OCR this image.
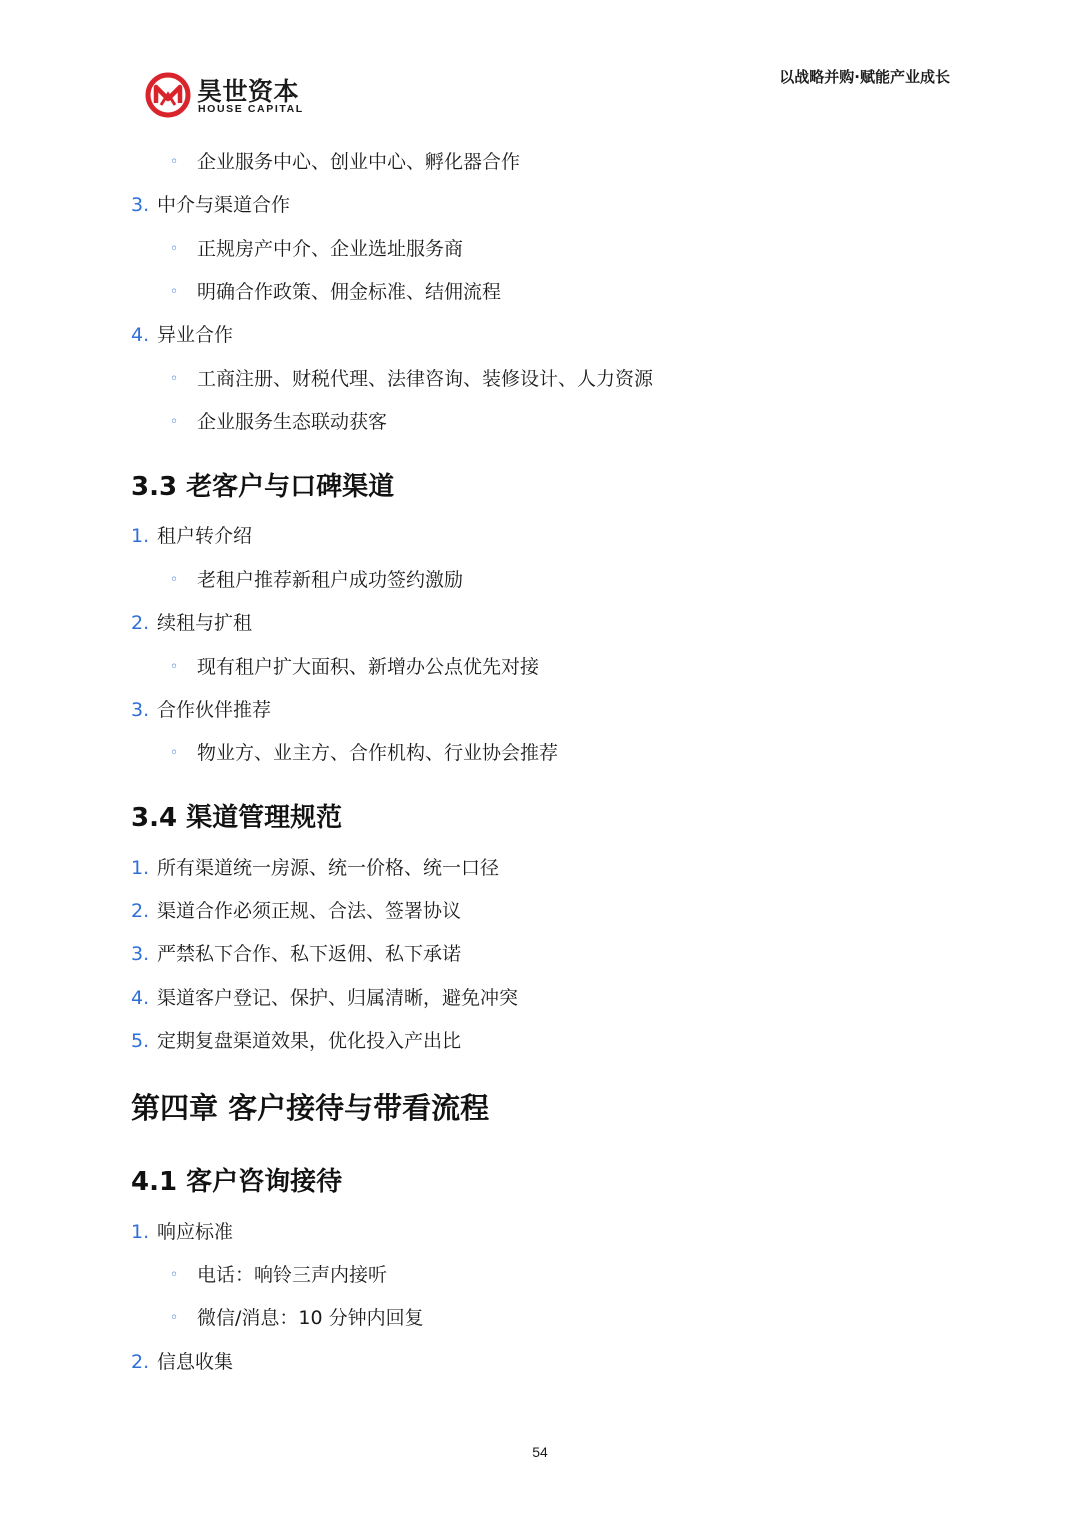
昊世资本
HOUSE CAPITAL
以战略并购·赋能产业成长
◦ 企业服务中心、创业中心、孵化器合作
3. 中介与渠道合作
◦ 正规房产中介、企业选址服务商
◦ 明确合作政策、佣金标准、结佣流程
4. 异业合作
◦ 工商注册、财税代理、法律咨询、装修设计、人力资源
◦ 企业服务生态联动获客
3.3 老客户与口碑渠道
1. 租户转介绍
◦ 老租户推荐新租户成功签约激励
2. 续租与扩租
◦ 现有租户扩大面积、新增办公点优先对接
3. 合作伙伴推荐
◦ 物业方、业主方、合作机构、行业协会推荐
3.4 渠道管理规范
1. 所有渠道统一房源、统一价格、统一口径
2. 渠道合作必须正规、合法、签署协议
3. 严禁私下合作、私下返佣、私下承诺
4. 渠道客户登记、保护、归属清晰，避免冲突
5. 定期复盘渠道效果，优化投入产出比
第四章 客户接待与带看流程
4.1 客户咨询接待
1. 响应标准
◦ 电话：响铃三声内接听
◦ 微信/消息：10 分钟内回复
2. 信息收集
54
